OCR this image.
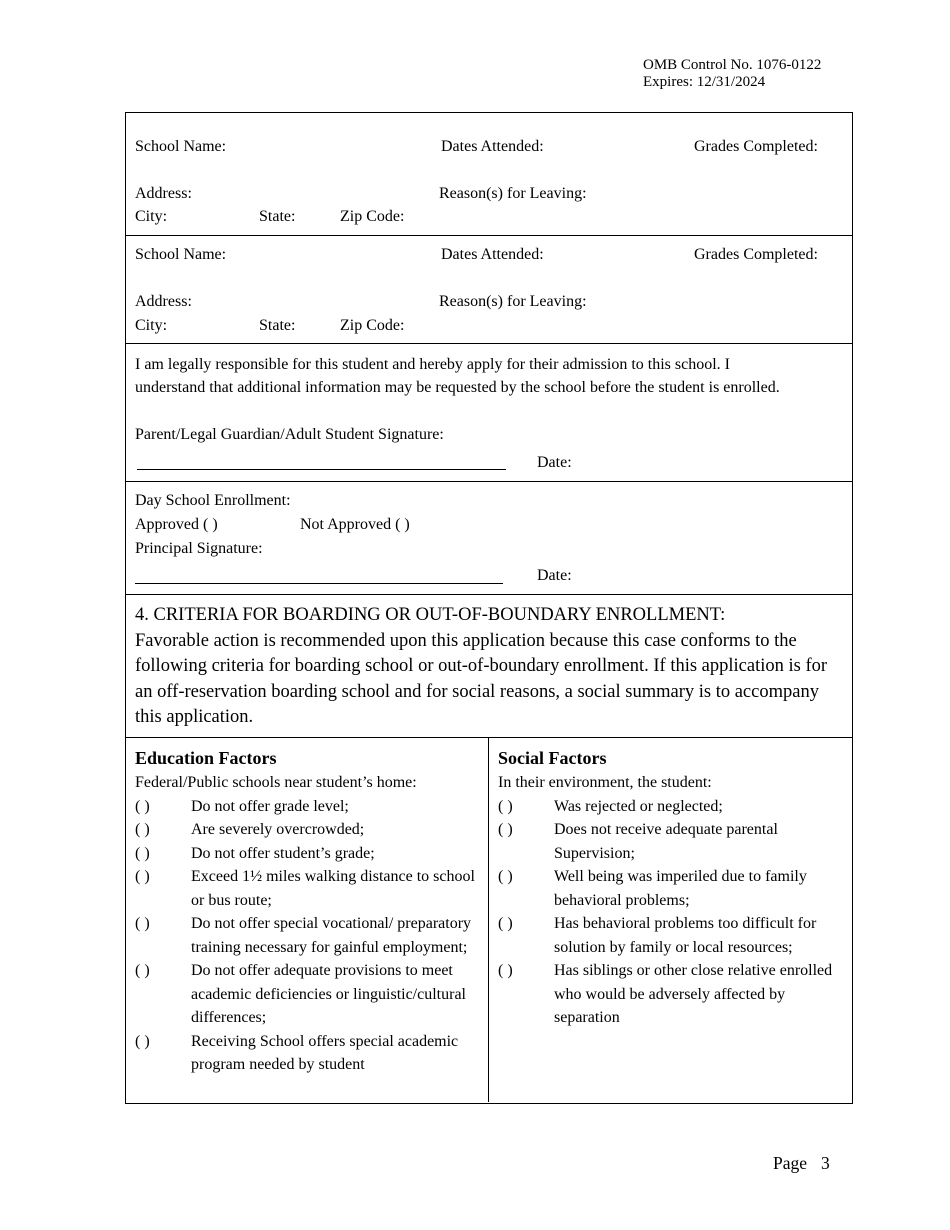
OMB Control No. 1076-0122
Expires: 12/31/2024
School Name:	Dates Attended:	Grades Completed:
Address:	Reason(s) for Leaving:
City:	State:	Zip Code:
School Name:	Dates Attended:	Grades Completed:
Address:	Reason(s) for Leaving:
City:	State:	Zip Code:
I am legally responsible for this student and hereby apply for their admission to this school. I
understand that additional information may be requested by the school before the student is enrolled.
Parent/Legal Guardian/Adult Student Signature:
Date:
Day School Enrollment:
Approved ( )	Not Approved ( )
Principal Signature:
Date:
4. CRITERIA FOR BOARDING OR OUT-OF-BOUNDARY ENROLLMENT:
Favorable action is recommended upon this application because this case conforms to the following criteria for boarding school or out-of-boundary enrollment. If this application is for an off-reservation boarding school and for social reasons, a social summary is to accompany this application.
Education Factors
Federal/Public schools near student’s home:
( )	Do not offer grade level;
( )	Are severely overcrowded;
( )	Do not offer student’s grade;
( )	Exceed 1½ miles walking distance to school or bus route;
( )	Do not offer special vocational/ preparatory training necessary for gainful employment;
( )	Do not offer adequate provisions to meet academic deficiencies or linguistic/cultural differences;
( )	Receiving School offers special academic program needed by student
Social Factors
In their environment, the student:
( )	Was rejected or neglected;
( )	Does not receive adequate parental Supervision;
( )	Well being was imperiled due to family behavioral problems;
( )	Has behavioral problems too difficult for solution by family or local resources;
( )	Has siblings or other close relative enrolled who would be adversely affected by separation
Page 3
